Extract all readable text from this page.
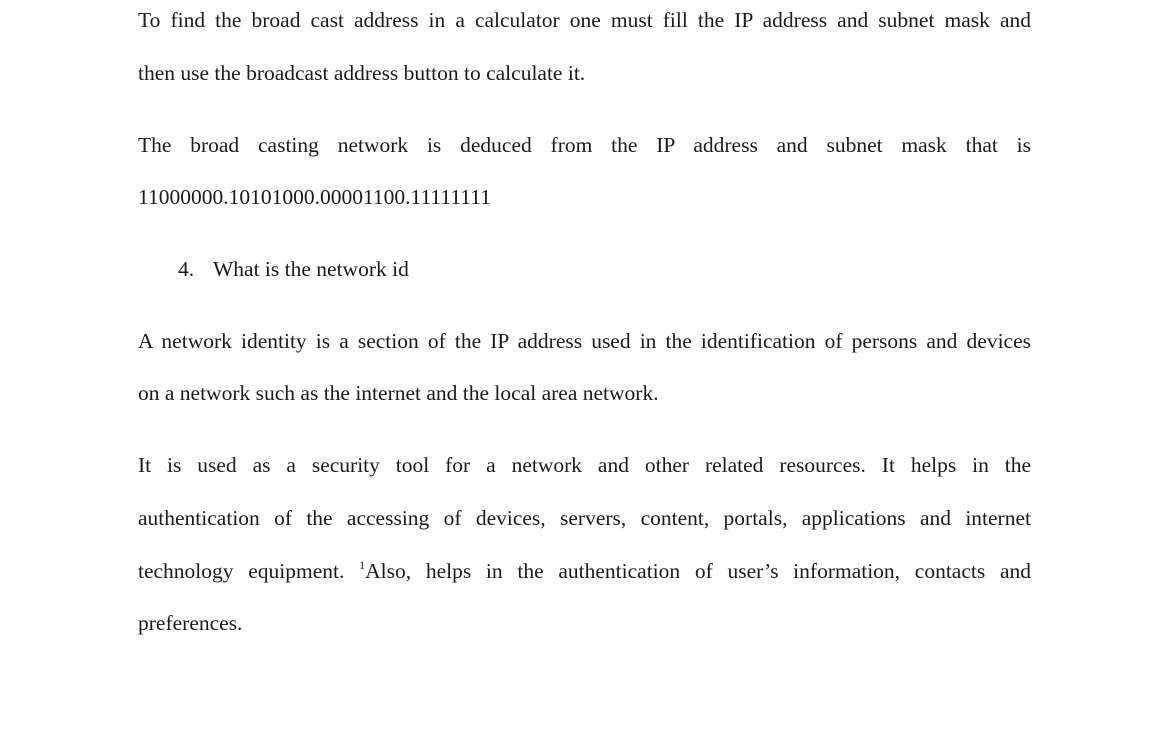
To find the broad cast address in a calculator one must fill the IP address and subnet mask and
then use the broadcast address button to calculate it.
The broad casting network is deduced from the IP address and subnet mask that is
11000000.10101000.00001100.11111111
4. What is the network id
A network identity is a section of the IP address used in the identification of persons and devices
on a network such as the internet and the local area network.
It is used as a security tool for a network and other related resources. It helps in the
authentication of the accessing of devices, servers, content, portals, applications and internet
technology equipment. $^1$Also, helps in the authentication of user’s information, contacts and
preferences.
